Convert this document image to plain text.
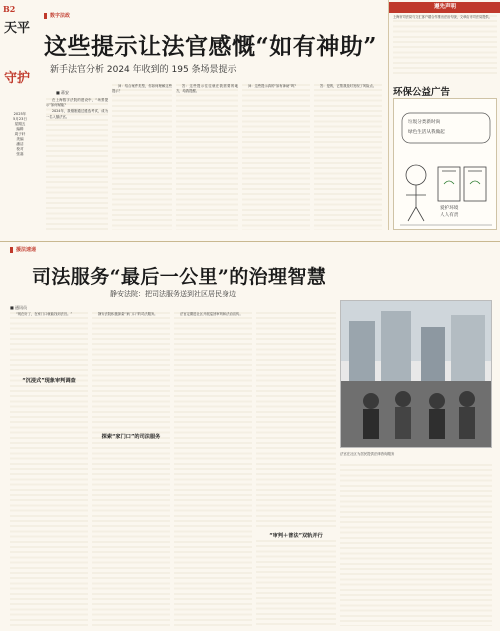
B2
天平
守护
2025年
5月23日
星期五
编辑
周子轩
美编
潘洁
校对
张嘉
数字法政
这些提示让法官感慨“如有神助”
新手法官分析 2024 年收到的 195 条场景提示
■ 蒋安

在上海数字法院的建设中，“场景提示”如何赋能？

2024年，我刚刚通过遴选考试，成为一名入额法官。

问：结合案件类型，你如何理解这些提示？

答：这些提示往往就在我需要的地方，给我提醒。

问：这些提示真的“如有神助”吗？	答：是的，它帮我及时发现了风险点。

遵先声明
上海市司法局与文汇客户端合作推出法治专版，文章由市司法局提供。
环保公益广告
垃圾分类新时尚
绿色生活从我做起
爱护环境
人人有责
援法速递
司法服务“最后一公里”的治理智慧
静安法院：把司法服务送到社区居民身边
■ 通讯员

“现在好了，在家门口就能找到法官。”

“沉浸式”现象审判调查

静安法院积极探索“家门口”的司法服务。

探索“家门口”的司法服务

法官定期进社区开展巡回审判和法治宣传。

“审判＋普法”双轨并行
法官在社区为居民提供法律咨询服务
